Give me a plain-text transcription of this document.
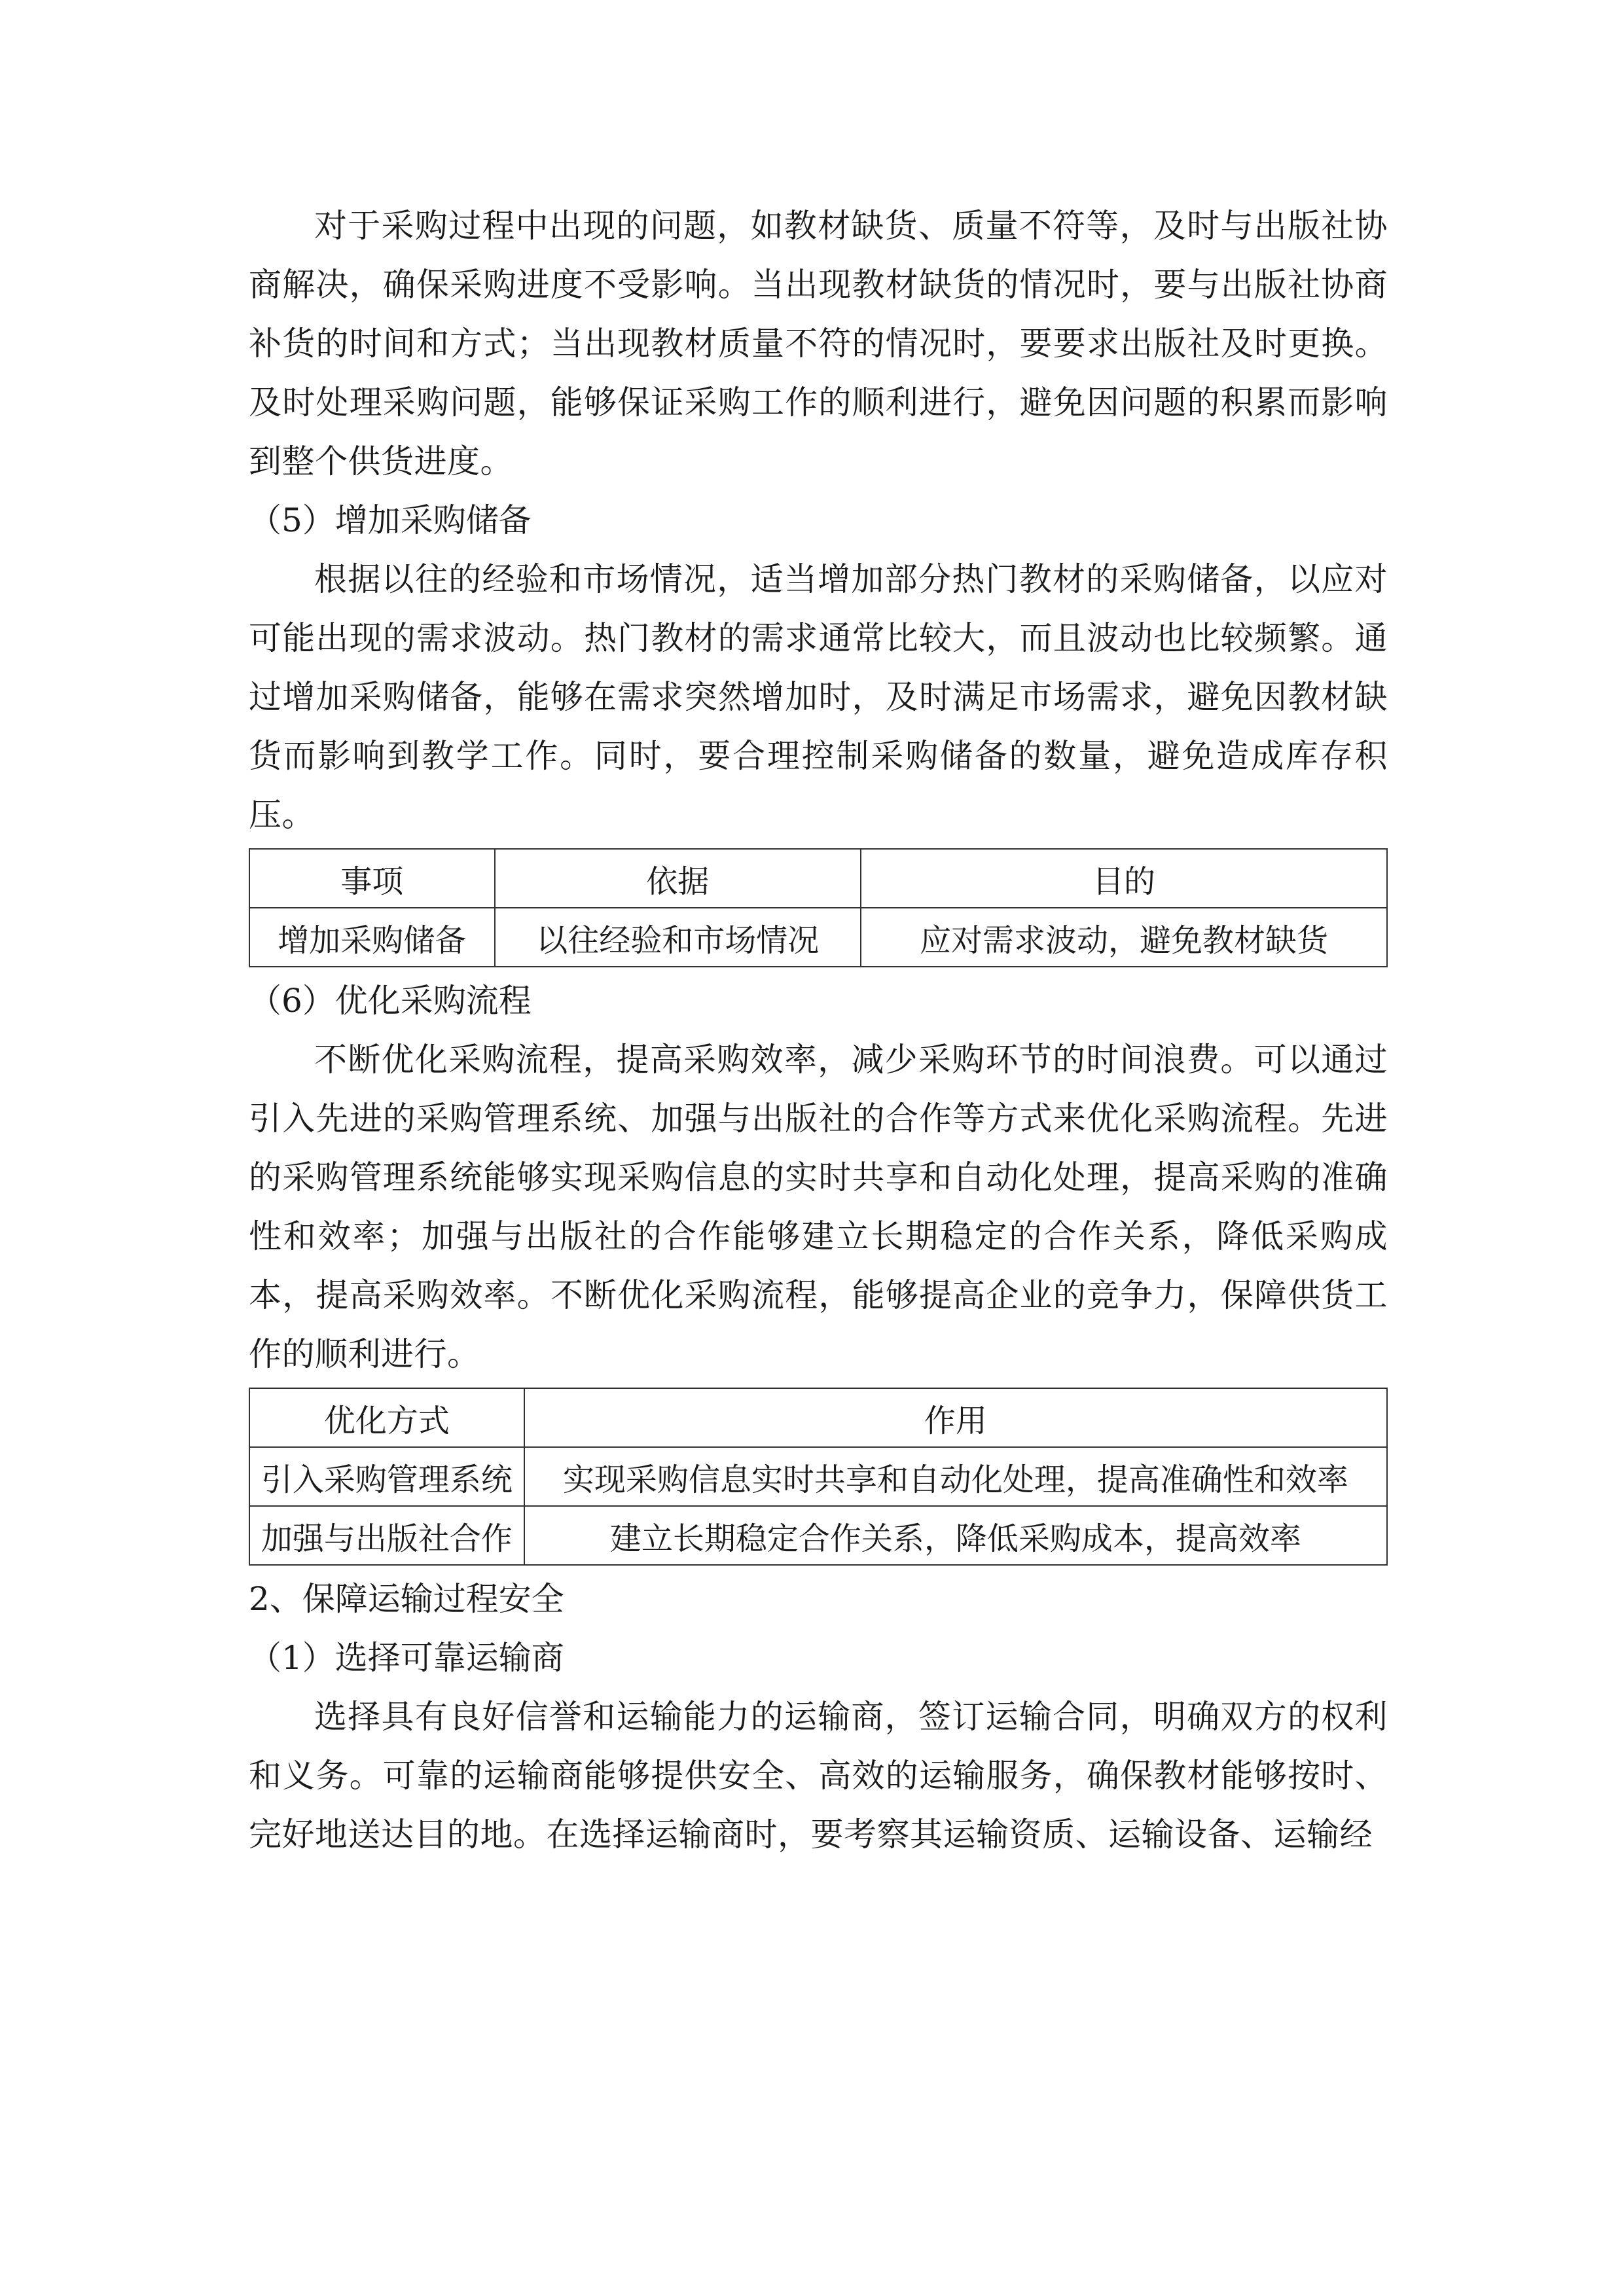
对于采购过程中出现的问题，如教材缺货、质量不符等，及时与出版社协商解决，确保采购进度不受影响。当出现教材缺货的情况时，要与出版社协商补货的时间和方式；当出现教材质量不符的情况时，要要求出版社及时更换。及时处理采购问题，能够保证采购工作的顺利进行，避免因问题的积累而影响到整个供货进度。

（5）增加采购储备

根据以往的经验和市场情况，适当增加部分热门教材的采购储备，以应对可能出现的需求波动。热门教材的需求通常比较大，而且波动也比较频繁。通过增加采购储备，能够在需求突然增加时，及时满足市场需求，避免因教材缺货而影响到教学工作。同时，要合理控制采购储备的数量，避免造成库存积压。

事项	依据	目的
增加采购储备	以往经验和市场情况	应对需求波动，避免教材缺货

（6）优化采购流程

不断优化采购流程，提高采购效率，减少采购环节的时间浪费。可以通过引入先进的采购管理系统、加强与出版社的合作等方式来优化采购流程。先进的采购管理系统能够实现采购信息的实时共享和自动化处理，提高采购的准确性和效率；加强与出版社的合作能够建立长期稳定的合作关系，降低采购成本，提高采购效率。不断优化采购流程，能够提高企业的竞争力，保障供货工作的顺利进行。

优化方式	作用
引入采购管理系统	实现采购信息实时共享和自动化处理，提高准确性和效率
加强与出版社合作	建立长期稳定合作关系，降低采购成本，提高效率

2、保障运输过程安全

（1）选择可靠运输商

选择具有良好信誉和运输能力的运输商，签订运输合同，明确双方的权利和义务。可靠的运输商能够提供安全、高效的运输服务，确保教材能够按时、完好地送达目的地。在选择运输商时，要考察其运输资质、运输设备、运输经
